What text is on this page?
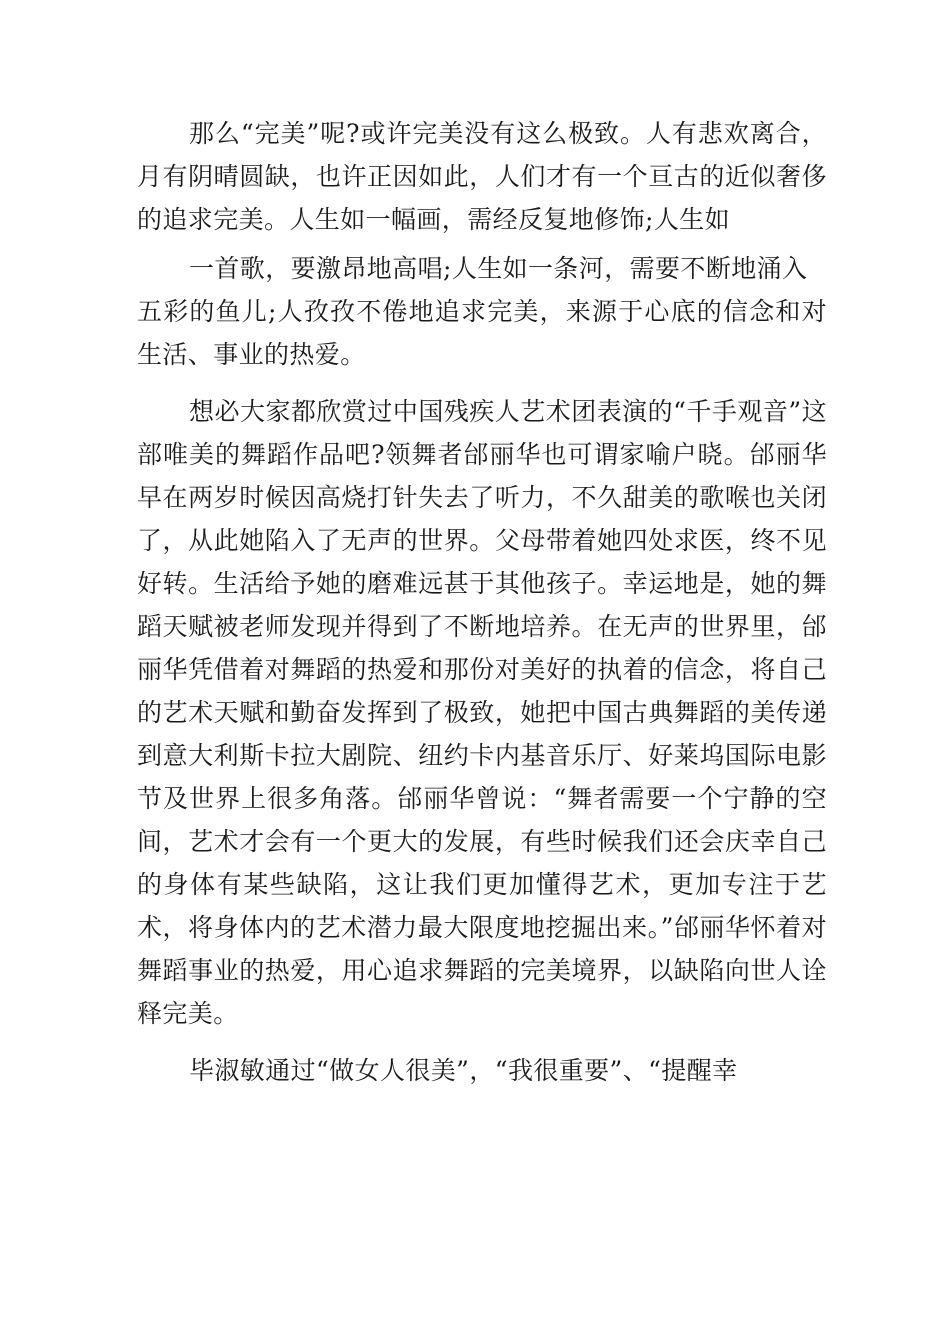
那么“完美”呢?或许完美没有这么极致。人有悲欢离合，月有阴晴圆缺，也许正因如此，人们才有一个亘古的近似奢侈的追求完美。人生如一幅画，需经反复地修饰;人生如

一首歌，要激昂地高唱;人生如一条河，需要不断地涌入
五彩的鱼儿;人孜孜不倦地追求完美，来源于心底的信念和对生活、事业的热爱。

想必大家都欣赏过中国残疾人艺术团表演的“千手观音”这部唯美的舞蹈作品吧?领舞者邰丽华也可谓家喻户晓。邰丽华早在两岁时候因高烧打针失去了听力，不久甜美的歌喉也关闭了，从此她陷入了无声的世界。父母带着她四处求医，终不见好转。生活给予她的磨难远甚于其他孩子。幸运地是，她的舞蹈天赋被老师发现并得到了不断地培养。在无声的世界里，邰丽华凭借着对舞蹈的热爱和那份对美好的执着的信念，将自己的艺术天赋和勤奋发挥到了极致，她把中国古典舞蹈的美传递到意大利斯卡拉大剧院、纽约卡内基音乐厅、好莱坞国际电影节及世界上很多角落。邰丽华曾说：“舞者需要一个宁静的空间，艺术才会有一个更大的发展，有些时候我们还会庆幸自己的身体有某些缺陷，这让我们更加懂得艺术，更加专注于艺术，将身体内的艺术潜力最大限度地挖掘出来。”邰丽华怀着对舞蹈事业的热爱，用心追求舞蹈的完美境界，以缺陷向世人诠释完美。

毕淑敏通过“做女人很美”，“我很重要”、“提醒幸
